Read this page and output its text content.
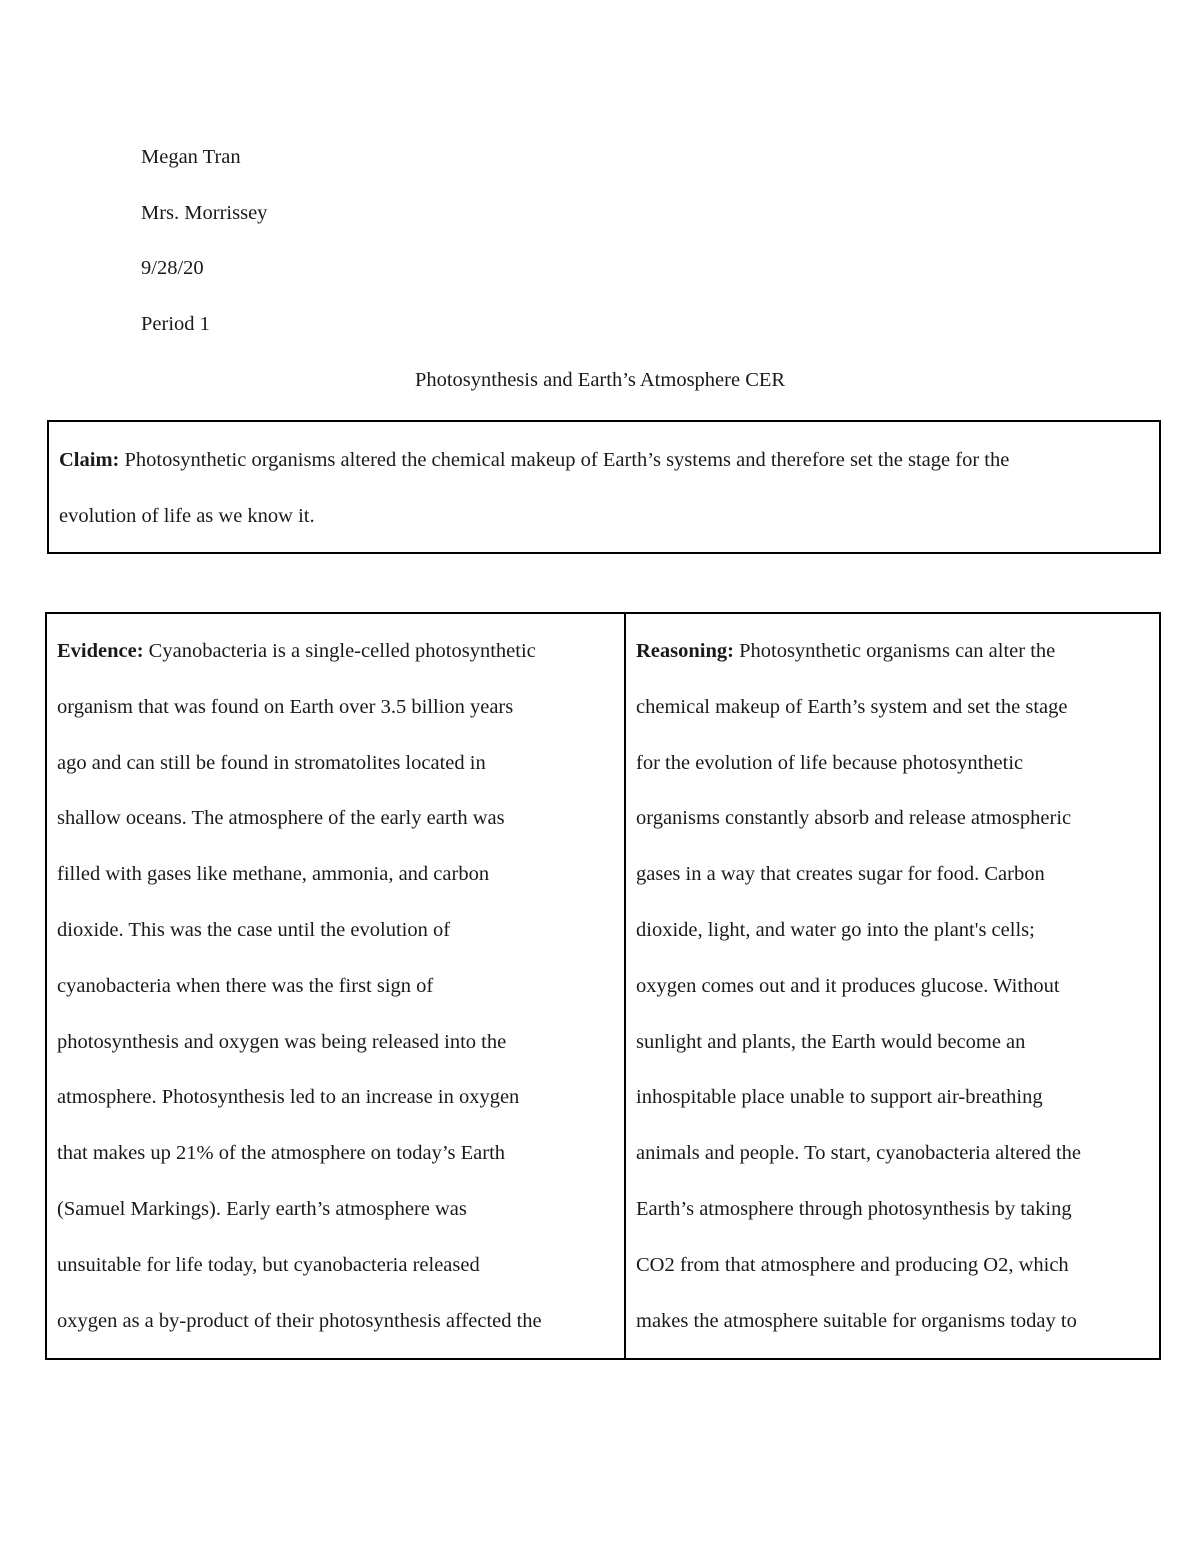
Megan Tran

Mrs. Morrissey

9/28/20

Period 1

Photosynthesis and Earth’s Atmosphere CER

Claim: Photosynthetic organisms altered the chemical makeup of Earth’s systems and therefore set the stage for the
evolution of life as we know it.
Evidence: Cyanobacteria is a single-celled photosynthetic
organism that was found on Earth over 3.5 billion years
ago and can still be found in stromatolites located in
shallow oceans. The atmosphere of the early earth was
filled with gases like methane, ammonia, and carbon
dioxide. This was the case until the evolution of
cyanobacteria when there was the first sign of
photosynthesis and oxygen was being released into the
atmosphere. Photosynthesis led to an increase in oxygen
that makes up 21% of the atmosphere on today’s Earth
(Samuel Markings). Early earth’s atmosphere was
unsuitable for life today, but cyanobacteria released
oxygen as a by-product of their photosynthesis affected the
Reasoning: Photosynthetic organisms can alter the
chemical makeup of Earth’s system and set the stage
for the evolution of life because photosynthetic
organisms constantly absorb and release atmospheric
gases in a way that creates sugar for food. Carbon
dioxide, light, and water go into the plant's cells;
oxygen comes out and it produces glucose. Without
sunlight and plants, the Earth would become an
inhospitable place unable to support air-breathing
animals and people. To start, cyanobacteria altered the
Earth’s atmosphere through photosynthesis by taking
CO2 from that atmosphere and producing O2, which
makes the atmosphere suitable for organisms today to
